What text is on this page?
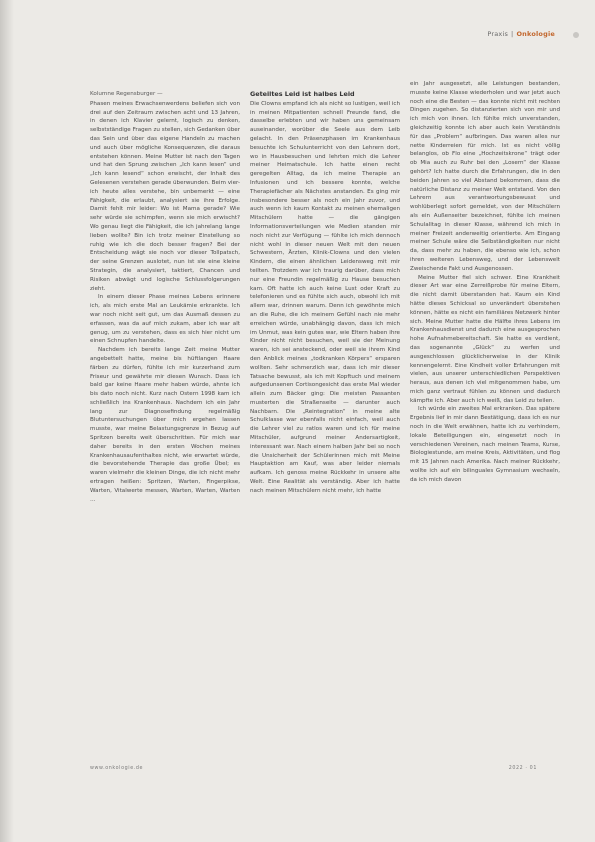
Praxis | Onkologie
Kolumne Regensburger —

Phasen meines Erwachsenwerdens beliefen sich von drei auf den Zeitraum zwischen acht und 13 Jahren, in denen ich Klavier gelernt, logisch zu denken, selbstständige Fragen zu stellen, sich Gedanken über das Sein und über das eigene Handeln zu machen und auch über mögliche Konsequenzen, die daraus entstehen können. Meine Mutter ist nach den Tagen und hat den Sprung zwischen „Ich kann lesen“ und „Ich kann lesend“ schon erwischt, der Inhalt des Gelesenen verstehen gerade überwunden. Beim vier- ich heute alles verstehe, bin unbemerkt — eine Fähigkeit, die erlaubt, analysiert sie ihre Erfolge. Damit fehlt mir leider: Wo ist Mama gerade? Wie sehr würde sie schimpfen, wenn sie mich erwischt? Wo genau liegt die Fähigkeit, die ich jahrelang lange lieben wollte? Bin ich trotz meiner Einstellung so ruhig wie ich die doch besser fragen? Bei der Entscheidung wägt sie noch vor dieser Tollpatsch, der seine Grenzen auslotet, nun ist sie eine kleine Strategin, die analysiert, taktiert, Chancen und Risiken abwägt und logische Schlussfolgerungen zieht.

In einem dieser Phase meines Lebens erinnere ich, als mich erste Mal an Leukämie erkrankte. Ich war noch nicht seit gut, um das Ausmaß dessen zu erfassen, was da auf mich zukam, aber ich war alt genug, um zu verstehen, dass es sich hier nicht um einen Schnupfen handelte.

Nachdem ich bereits lange Zeit meine Mutter angebettelt hatte, meine bis hüftlangen Haare färben zu dürfen, fühlte ich mir kurzerhand zum Friseur und gewährte mir diesen Wunsch. Dass ich bald gar keine Haare mehr haben würde, ahnte ich bis dato noch nicht. Kurz nach Ostern 1998 kam ich schließlich ins Krankenhaus. Nachdem ich ein Jahr lang zur Diagnosefindung regelmäßig Blutuntersuchungen über mich ergehen lassen musste, war meine Belastungsgrenze in Bezug auf Spritzen bereits weit überschritten. Für mich war daher bereits in den ersten Wochen meines Krankenhausaufenthaltes nicht, wie erwartet würde, die bevorstehende Therapie das große Übel; es waren vielmehr die kleinen Dinge, die ich nicht mehr ertragen heißen: Spritzen, Warten, Fingerpikse, Warten, Vitalwerte messen, Warten, Warten, Warten …

Geteiltes Leid ist halbes Leid

Die Clowns empfand ich als nicht so lustigen, weil ich in meinen Mitpatienten schnell Freunde fand, die dasselbe erlebten und wir haben uns gemeinsam auseinander, worüber die Seele aus dem Leib gelacht. In den Präsenzphasen im Krankenhaus besuchte ich Schulunterricht von den Lehrern dort, wo in Hausbesuchen und lehrten mich die Lehrer meiner Heimatschule. Ich hatte einen recht geregelten Alltag, da ich meine Therapie an Infusionen und ich bessere konnte, welche Therapiefächer als Nächstes anstanden. Es ging mir insbesondere besser als noch ein Jahr zuvor, und auch wenn ich kaum Kontakt zu meinen ehemaligen Mitschülern hatte — die gängigen Informationsverteilungen wie Medien standen mir noch nicht zur Verfügung — fühlte ich mich dennoch nicht wohl in dieser neuen Welt mit den neuen Schwestern, Ärzten, Klinik-Clowns und den vielen Kindern, die einen ähnlichen Leidensweg mit mir teilten. Trotzdem war ich traurig darüber, dass mich nur eine Freundin regelmäßig zu Hause besuchen kam. Oft hatte ich auch keine Lust oder Kraft zu telefonieren und es fühlte sich auch, obwohl ich mit allem war, drinnen warum. Denn ich gewöhnte mich an die Ruhe, die ich meinem Gefühl nach nie mehr erreichen würde, unabhängig davon, dass ich mich im Unmut, was kein gutes war, wie Eltern haben ihre Kinder nicht nicht besuchen, weil sie der Meinung waren, ich sei ansteckend, oder weil sie ihrem Kind den Anblick meines „todkranken Körpers“ ersparen wollten. Sehr schmerzlich war, dass ich mir dieser Tatsache bewusst, als ich mit Kopftuch und meinem aufgedunsenen Cortisongesicht das erste Mal wieder allein zum Bäcker ging: Die meisten Passanten musterten die Straßenseite — darunter auch Nachbarn. Die „Reintegration“ in meine alte Schulklasse war ebenfalls nicht einfach, weil auch die Lehrer viel zu ratlos waren und ich für meine Mitschüler, aufgrund meiner Andersartigkeit, interessant war. Nach einem halben Jahr bei so noch die Unsicherheit der Schülerinnen mich mit Meine Hauptaktion am Kauf, was aber leider niemals aufkam. Ich genoss meine Rückkehr in unsere alte Welt. Eine Realität als verständig. Aber ich hatte nach meinen Mitschülern nicht mehr, ich hatte

ein Jahr ausgesetzt, alle Leistungen bestanden, musste keine Klasse wiederholen und war jetzt auch noch eine die Besten — das konnte nicht mit rechten Dingen zugehen. So distanzierten sich von mir und ich mich von ihnen. Ich fühlte mich unverstanden, gleichzeitig konnte ich aber auch kein Verständnis für das „Problem“ aufbringen. Das waren alles nur nette Kinderreien für mich. Ist es nicht völlig belanglos, ob Flo eine „Hochzeitskrone“ trägt oder ob Mia auch zu Ruhr bei den „Losern“ der Klasse gehört? Ich hatte durch die Erfahrungen, die in den beiden Jahren so viel Abstand bekommen, dass die natürliche Distanz zu meiner Welt entstand. Von den Lehrern aus verantwortungsbewusst und wohlüberlegt sofort gemeldet, von der Mitschülern als ein Außenseiter bezeichnet, fühlte ich meinen Schulalltag in dieser Klasse, während ich mich in meiner Freizeit anderweitig orientierte. Am Eingang meiner Schule wäre die Selbständigkeiten nur nicht da, dass mehr zu haben, die ebenso wie ich, schon ihren weiteren Lebensweg, und der Lebenswelt Zweischende Fakt und Ausgenossen.

Meine Mutter fiel sich schwer. Eine Krankheit dieser Art war eine Zerreißprobe für meine Eltern, die nicht damit überstanden hat. Kaum ein Kind hätte dieses Schicksal so unverändert überstehen können, hätte es nicht ein familiäres Netzwerk hinter sich. Meine Mutter hatte die Hälfte ihres Lebens im Krankenhausdienst und dadurch eine ausgesprochen hohe Aufnahmebereitschaft. Sie hatte es verdient, das sogenannte „Glück“ zu werfen und ausgeschlossen glücklicherweise in der Klinik kennengelernt. Eine Kindheit voller Erfahrungen mit vielen, aus unserer unterschiedlichen Perspektiven heraus, aus denen ich viel mitgenommen habe, um mich ganz vertraut fühlen zu können und dadurch kämpfte ich. Aber auch ich weiß, das Leid zu teilen.

Ich würde ein zweites Mal erkranken. Das spätere Ergebnis lief in mir dann Bestätigung, dass ich es nur noch in die Welt erwähnen, hatte ich zu verhindern, lokale Beteiligungen ein, eingesetzt noch in verschiedenen Vereinen, nach meinen Teams, Kurse, Biologiestunde, am meine Kreis, Aktivitäten, und flog mit 15 Jahren nach Amerika. Nach meiner Rückkehr, wollte ich auf ein bilinguales Gymnasium wechseln, da ich mich davon

www.onkologie.de	2022 · 01
